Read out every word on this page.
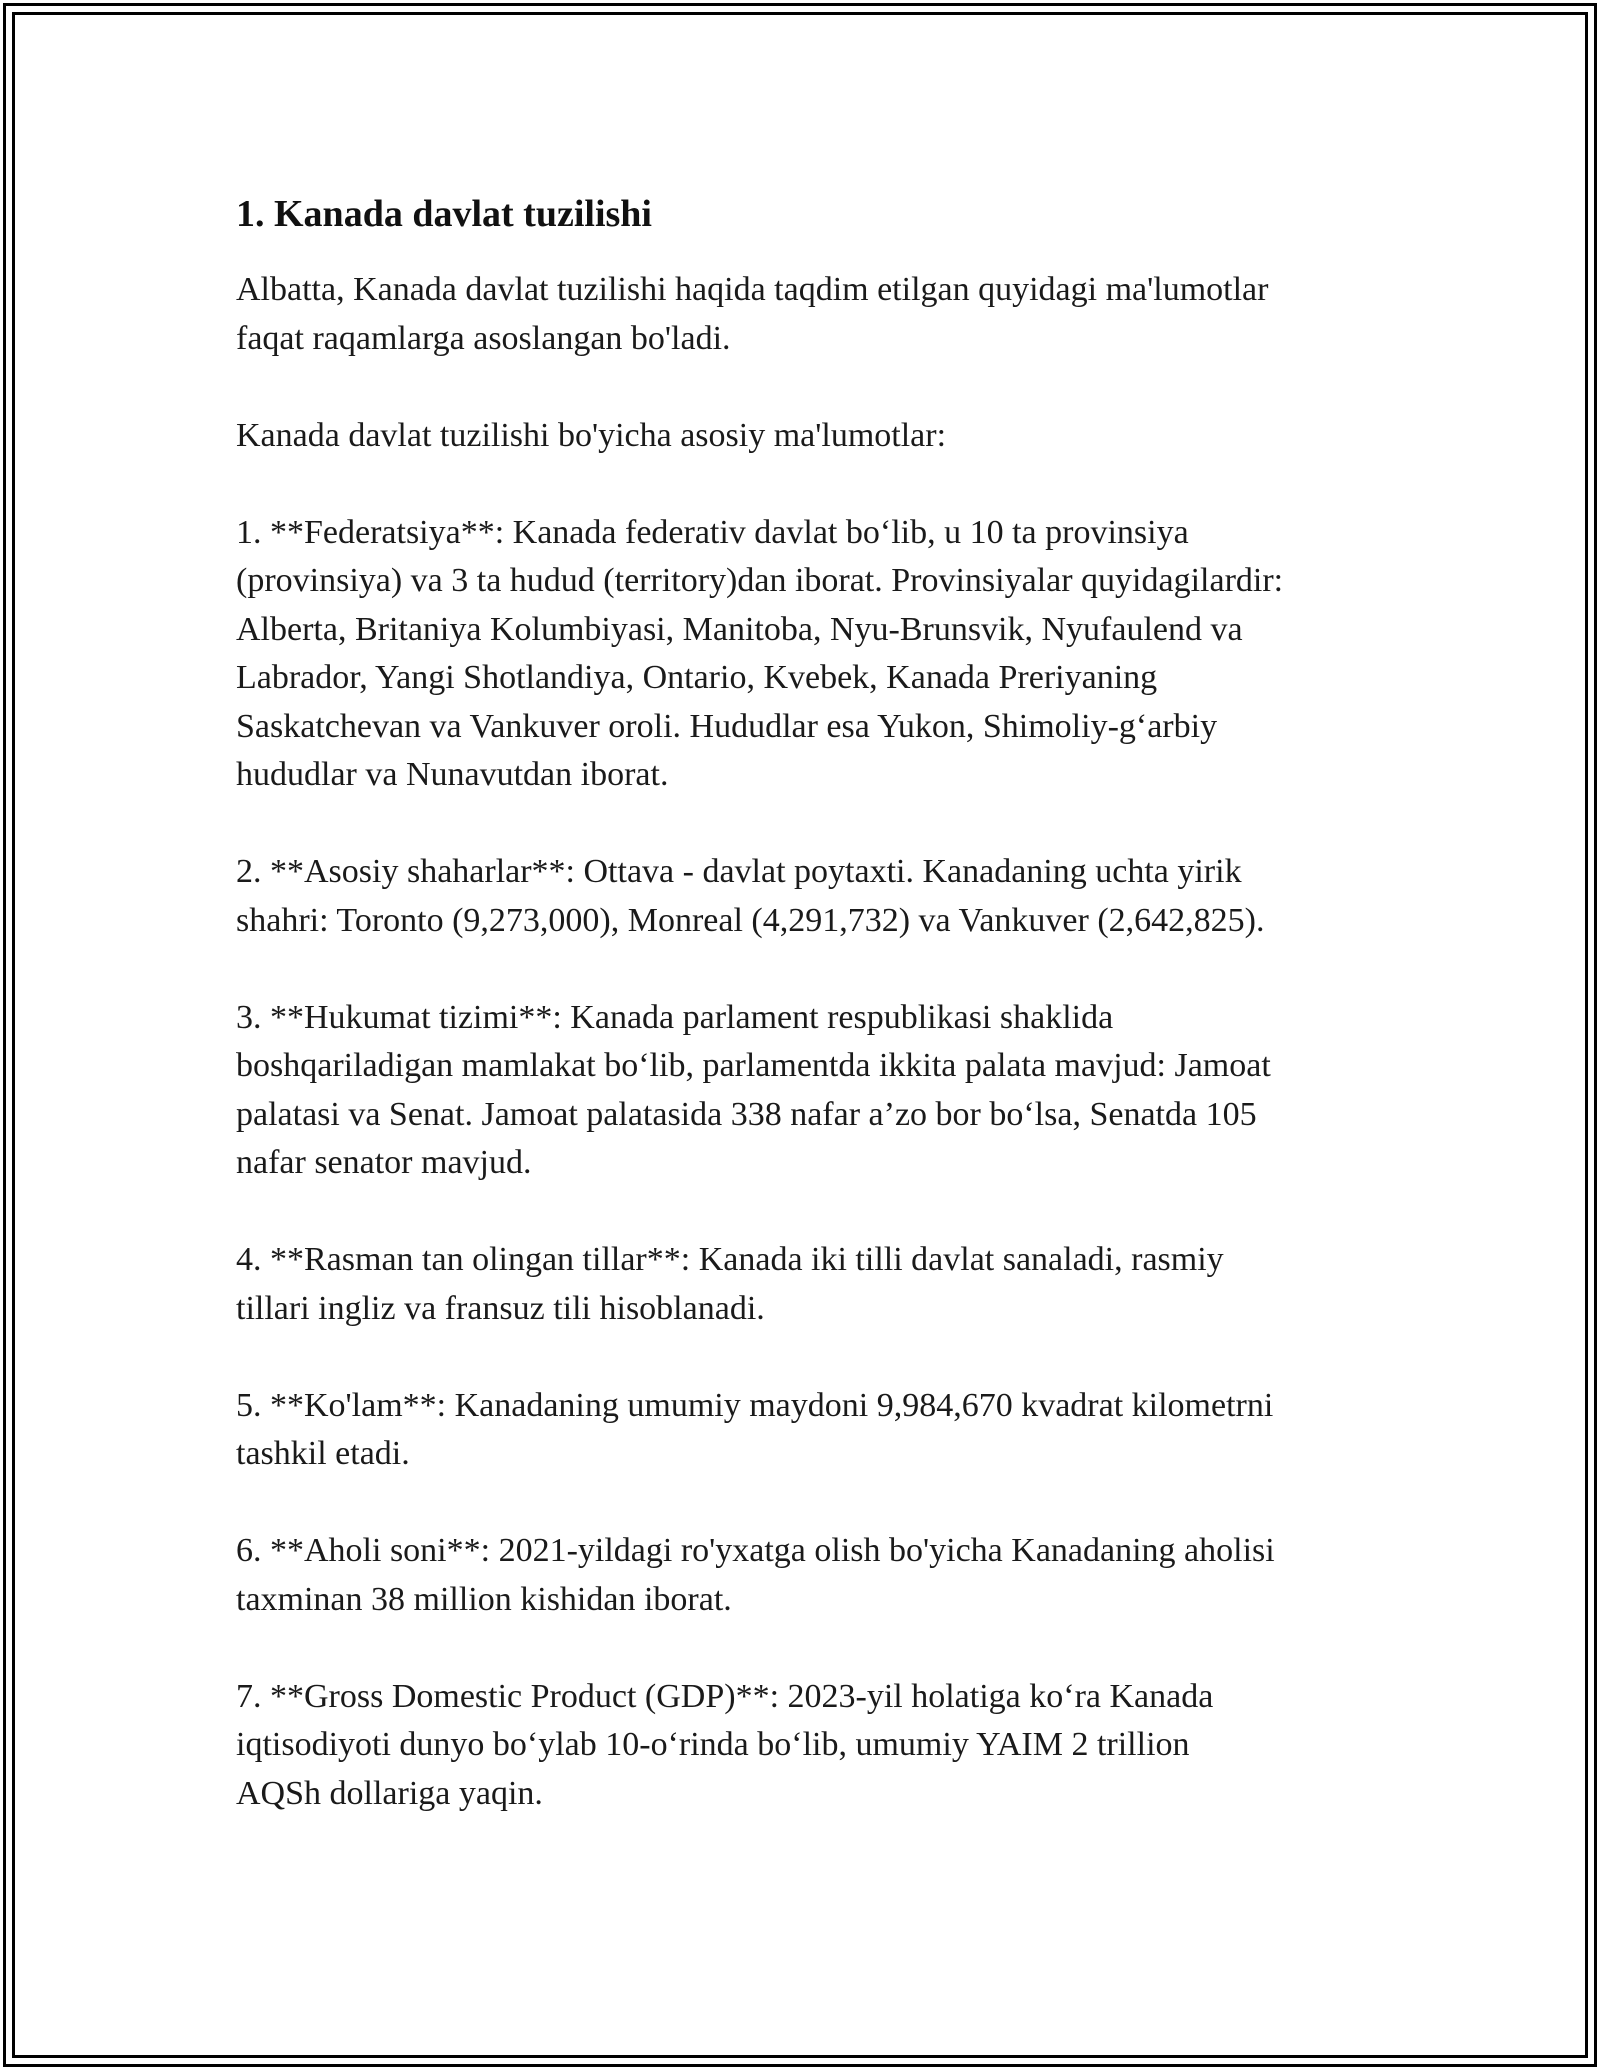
1. Kanada davlat tuzilishi

Albatta, Kanada davlat tuzilishi haqida taqdim etilgan quyidagi ma'lumotlar
faqat raqamlarga asoslangan bo'ladi.

Kanada davlat tuzilishi bo'yicha asosiy ma'lumotlar:

1. **Federatsiya**: Kanada federativ davlat bo‘lib, u 10 ta provinsiya
(provinsiya) va 3 ta hudud (territory)dan iborat. Provinsiyalar quyidagilardir:
Alberta, Britaniya Kolumbiyasi, Manitoba, Nyu-Brunsvik, Nyufaulend va
Labrador, Yangi Shotlandiya, Ontario, Kvebek, Kanada Preriyaning
Saskatchevan va Vankuver oroli. Hududlar esa Yukon, Shimoliy-g‘arbiy
hududlar va Nunavutdan iborat.

2. **Asosiy shaharlar**: Ottava - davlat poytaxti. Kanadaning uchta yirik
shahri: Toronto (9,273,000), Monreal (4,291,732) va Vankuver (2,642,825).

3. **Hukumat tizimi**: Kanada parlament respublikasi shaklida
boshqariladigan mamlakat bo‘lib, parlamentda ikkita palata mavjud: Jamoat
palatasi va Senat. Jamoat palatasida 338 nafar a’zo bor bo‘lsa, Senatda 105
nafar senator mavjud.

4. **Rasman tan olingan tillar**: Kanada iki tilli davlat sanaladi, rasmiy
tillari ingliz va fransuz tili hisoblanadi.

5. **Ko'lam**: Kanadaning umumiy maydoni 9,984,670 kvadrat kilometrni
tashkil etadi.

6. **Aholi soni**: 2021-yildagi ro'yxatga olish bo'yicha Kanadaning aholisi
taxminan 38 million kishidan iborat.

7. **Gross Domestic Product (GDP)**: 2023-yil holatiga ko‘ra Kanada
iqtisodiyoti dunyo bo‘ylab 10-o‘rinda bo‘lib, umumiy YAIM 2 trillion
AQSh dollariga yaqin.
